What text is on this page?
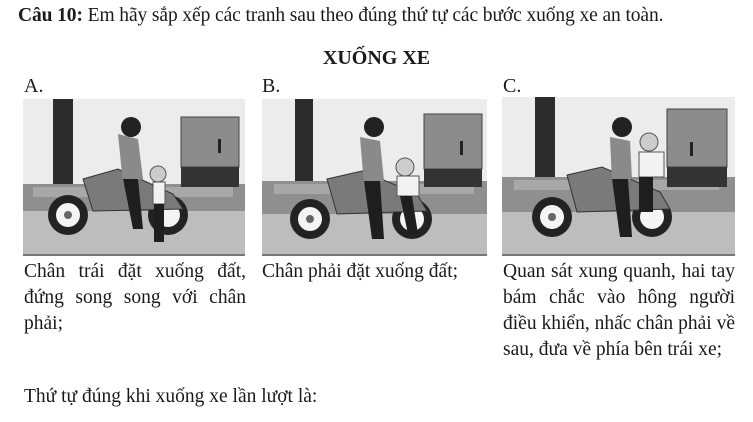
Câu 10: Em hãy sắp xếp các tranh sau theo đúng thứ tự các bước xuống xe an toàn.
XUỐNG XE
A.
Chân trái đặt xuống đất, đứng song song với chân phải;
B.
Chân phải đặt xuống đất;
C.
Quan sát xung quanh, hai tay bám chắc vào hông người điều khiển, nhấc chân phải về sau, đưa về phía bên trái xe;
Thứ tự đúng khi xuống xe lần lượt là:
